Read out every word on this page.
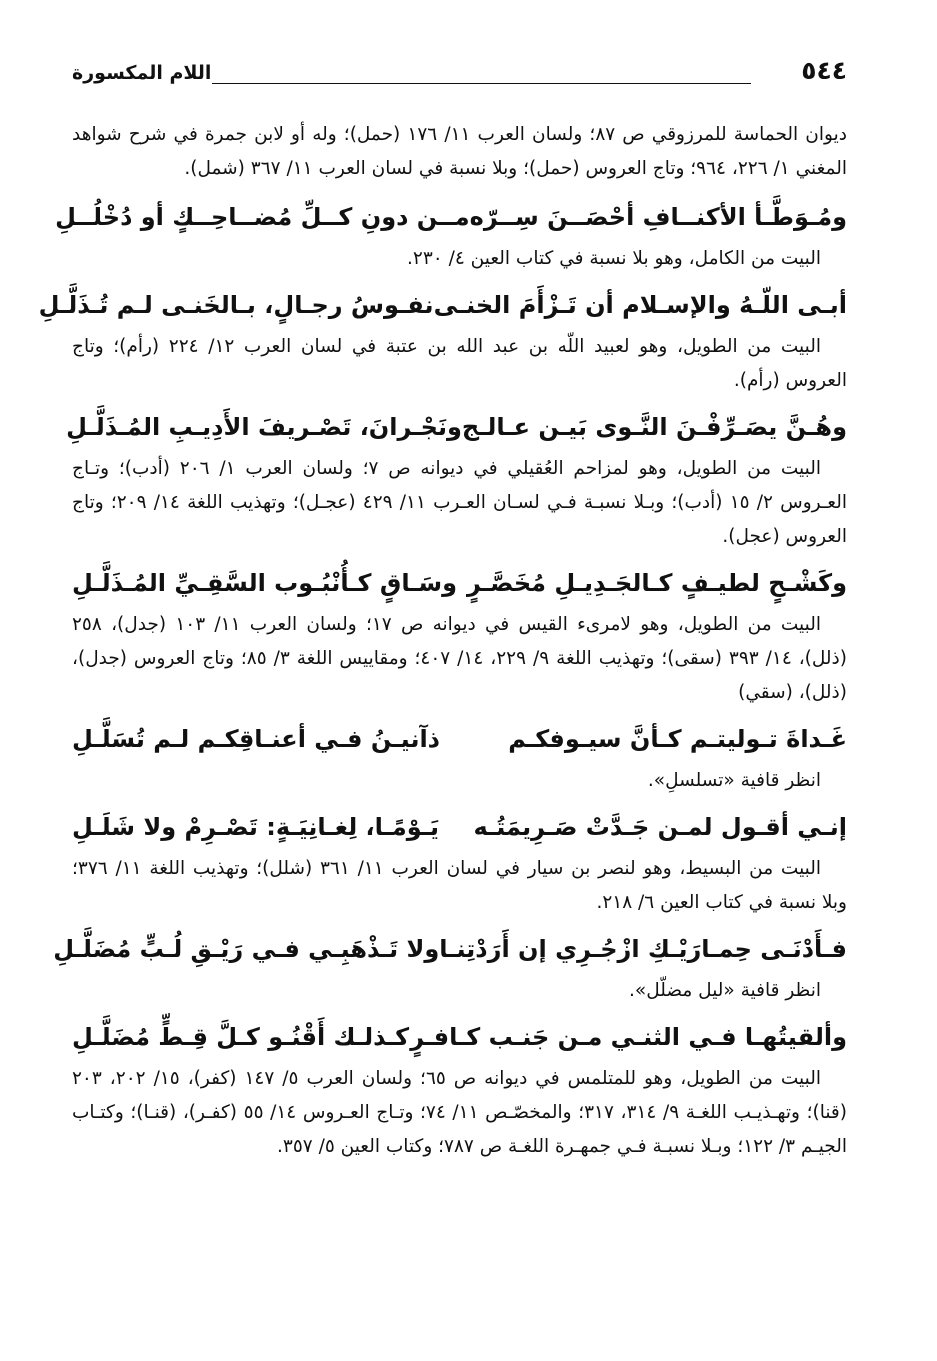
٥٤٤
اللام المكسورة

ديوان الحماسة للمرزوقي ص ٨٧؛ ولسان العرب ١١/ ١٧٦ (حمل)؛ وله أو لابن جمرة في شرح شواهد المغني ١/ ٢٢٦، ٩٦٤؛ وتاج العروس (حمل)؛ وبلا نسبة في لسان العرب ١١/ ٣٦٧ (شمل).

ومُـوَطَّـأ الأكنــافِ أحْصَــنَ سِــرّه
مــن دونِ كــلِّ مُضــاحِــكٍ أو دُخْلُــلِ

البيت من الكامل، وهو بلا نسبة في كتاب العين ٤/ ٢٣٠.

أبـى اللّـهُ والإسـلام أن تَـزْأَمَ الخنـى
نفـوسُ رجـالٍ، بـالخَنـى لـم تُـذَلَّـلِ

البيت من الطويل، وهو لعبيد اللّه بن عبد الله بن عتبة في لسان العرب ١٢/ ٢٢٤ (رأم)؛ وتاج العروس (رأم).

وهُـنَّ يصَـرِّفْـنَ النَّـوى بَيـن عـالـج
ونَجْـرانَ، تَصْـريفَ الأَدِيـبِ المُـذَلَّـلِ

البيت من الطويل، وهو لمزاحم العُقيلي في ديوانه ص ٧؛ ولسان العرب ١/ ٢٠٦ (أدب)؛ وتـاج العـروس ٢/ ١٥ (أدب)؛ وبـلا نسبـة فـي لسـان العـرب ١١/ ٤٢٩ (عجـل)؛ وتهذيب اللغة ١٤/ ٢٠٩؛ وتاج العروس (عجل).

وكَشْـحٍ لطيـفٍ كـالجَـدِيـلِ مُخَصَّـرٍ
وسَـاقٍ كـأُنْبُـوب السَّقِـيِّ المُـذَلَّـلِ

البيت من الطويل، وهو لامرىء القيس في ديوانه ص ١٧؛ ولسان العرب ١١/ ١٠٣ (جدل)، ٢٥٨ (ذلل)، ١٤/ ٣٩٣ (سقى)؛ وتهذيب اللغة ٩/ ٢٢٩، ١٤/ ٤٠٧؛ ومقاييس اللغة ٣/ ٨٥؛ وتاج العروس (جدل)، (ذلل)، (سقي)

غَـداةَ تـوليتـم كـأنَّ سيـوفكـم
ذآنيـنُ فـي أعنـاقِكـم لـم تُسَلَّـلِ

انظر قافية «تسلسلِ».

إنـي أقـول لمـن جَـدَّتْ صَـرِيمَتُـه
يَـوْمًـا، لِغـانِيَـةٍ: تَصْـرِمْ ولا شَلَـلِ

البيت من البسيط، وهو لنصر بن سيار في لسان العرب ١١/ ٣٦١ (شلل)؛ وتهذيب اللغة ١١/ ٣٧٦؛ وبلا نسبة في كتاب العين ٦/ ٢١٨.

فـأَدْنَـى حِمـارَيْـكِ ازْجُـرِي إن أَرَدْتِنـا
ولا تَـذْهَبِـي فـي رَيْـقِ لُـبٍّ مُضَلَّـلِ

انظر قافية «ليل مضلّل».

وألقيتُهـا فـي الثنـي مـن جَنـب كـافـرٍ
كـذلـك أَقْنُـو كـلَّ قِـطٍّ مُضَلَّـلِ

البيت من الطويل، وهو للمتلمس في ديوانه ص ٦٥؛ ولسان العرب ٥/ ١٤٧ (كفر)، ١٥/ ٢٠٢، ٢٠٣ (قنا)؛ وتهـذيـب اللغـة ٩/ ٣١٤، ٣١٧؛ والمخصّـص ١١/ ٧٤؛ وتـاج العـروس ١٤/ ٥٥ (كفـر)، (قنـا)؛ وكتـاب الجيـم ٣/ ١٢٢؛ وبـلا نسبـة فـي جمهـرة اللغـة ص ٧٨٧؛ وكتاب العين ٥/ ٣٥٧.
